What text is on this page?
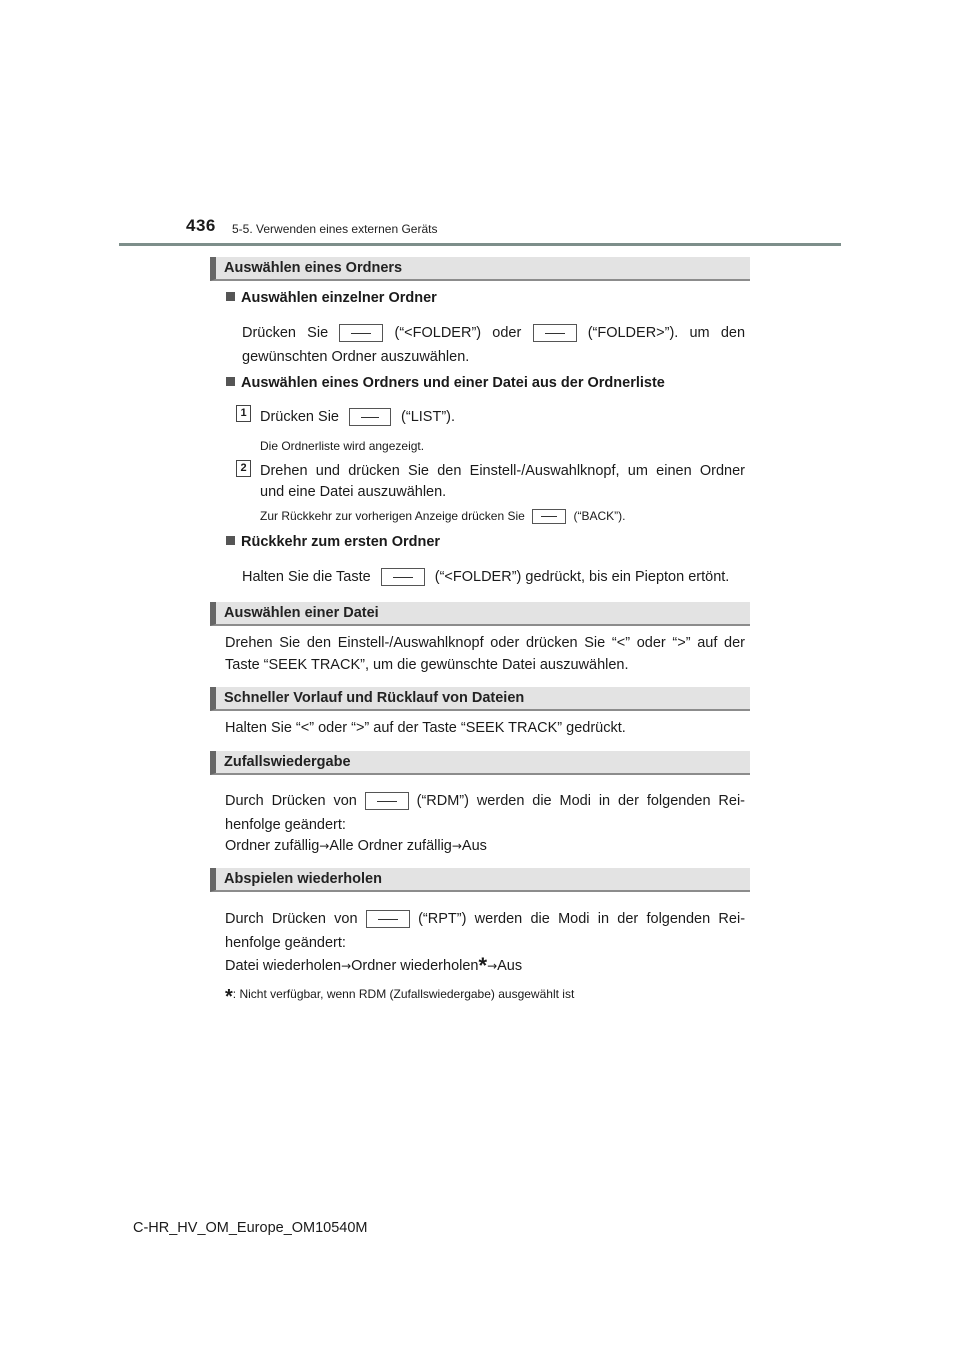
436 5-5. Verwenden eines externen Geräts
Auswählen eines Ordners
Auswählen einzelner Ordner
Drücken Sie	(“<FOLDER”) oder	(“FOLDER>”). um den
gewünschten Ordner auszuwählen.
Auswählen eines Ordners und einer Datei aus der Ordnerliste
1 Drücken Sie	(“LIST”).
Die Ordnerliste wird angezeigt.
2 Drehen und drücken Sie den Einstell-/Auswahlknopf, um einen Ordner
und eine Datei auszuwählen.
Zur Rückkehr zur vorherigen Anzeige drücken Sie	(“BACK”).
Rückkehr zum ersten Ordner
Halten Sie die Taste	(“<FOLDER”) gedrückt, bis ein Piepton ertönt.
Auswählen einer Datei
Drehen Sie den Einstell-/Auswahlknopf oder drücken Sie “<” oder “>” auf der
Taste “SEEK TRACK”, um die gewünschte Datei auszuwählen.
Schneller Vorlauf und Rücklauf von Dateien
Halten Sie “<” oder “>” auf der Taste “SEEK TRACK” gedrückt.
Zufallswiedergabe
Durch Drücken von	(“RDM”) werden die Modi in der folgenden Rei-
henfolge geändert:
Ordner zufällig→Alle Ordner zufällig→Aus
Abspielen wiederholen
Durch Drücken von	(“RPT”) werden die Modi in der folgenden Rei-
henfolge geändert:
Datei wiederholen→Ordner wiederholen*→Aus
*: Nicht verfügbar, wenn RDM (Zufallswiedergabe) ausgewählt ist
C-HR_HV_OM_Europe_OM10540M
